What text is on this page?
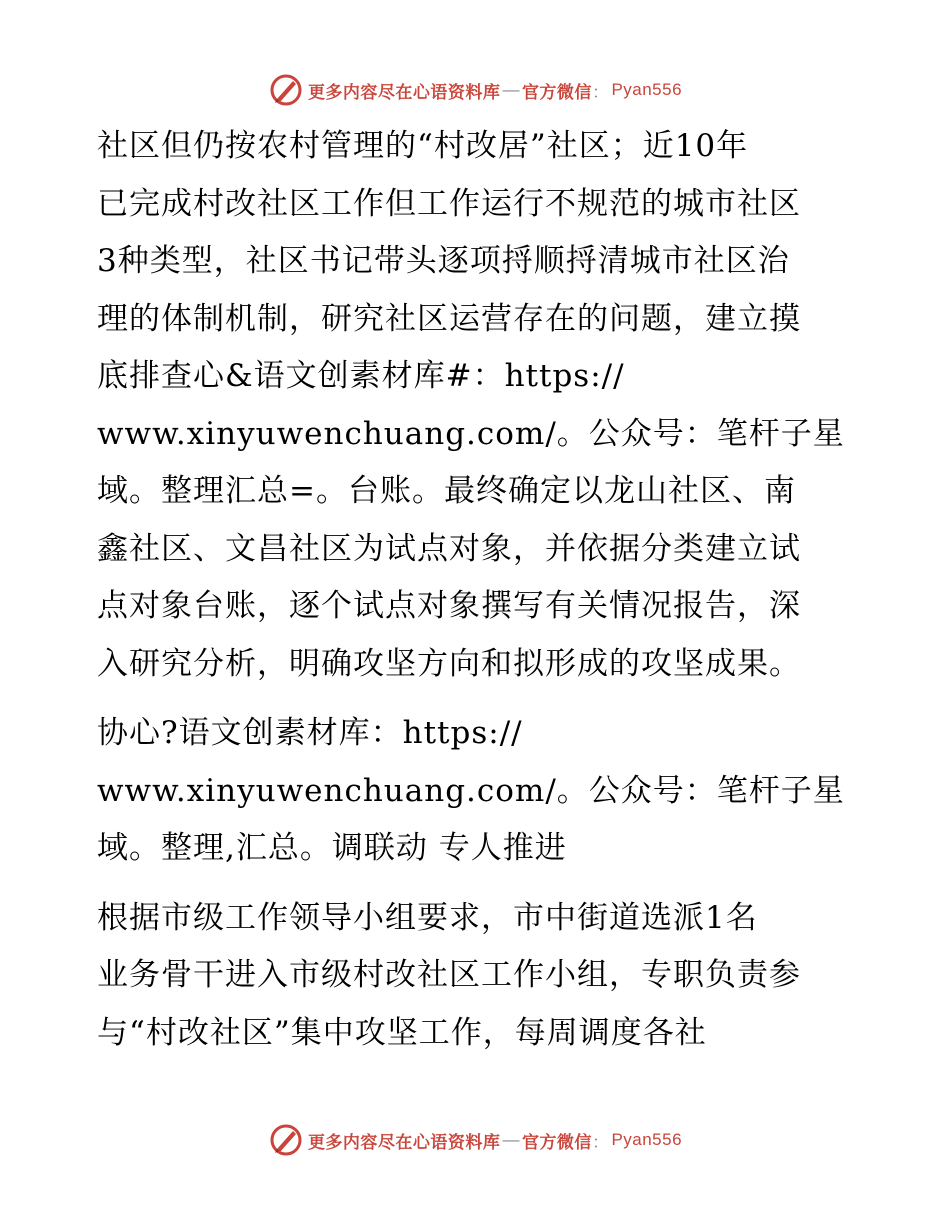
更多内容尽在心语资料库 — 官方微信 ： Pyan556
社区但仍按农村管理的“村改居”社区；近10年
已完成村改社区工作但工作运行不规范的城市社区
3种类型，社区书记带头逐项捋顺捋清城市社区治
理的体制机制，研究社区运营存在的问题，建立摸
底排查心&语文创素材库#：https://
www.xinyuwenchuang.com/。公众号：笔杆子星
域。整理汇总=。台账。最终确定以龙山社区、南
鑫社区、文昌社区为试点对象，并依据分类建立试
点对象台账，逐个试点对象撰写有关情况报告，深
入研究分析，明确攻坚方向和拟形成的攻坚成果。
协心?语文创素材库：https://
www.xinyuwenchuang.com/。公众号：笔杆子星
域。整理,汇总。调联动 专人推进
根据市级工作领导小组要求，市中街道选派1名
业务骨干进入市级村改社区工作小组，专职负责参
与“村改社区”集中攻坚工作，每周调度各社
更多内容尽在心语资料库 — 官方微信 ： Pyan556
